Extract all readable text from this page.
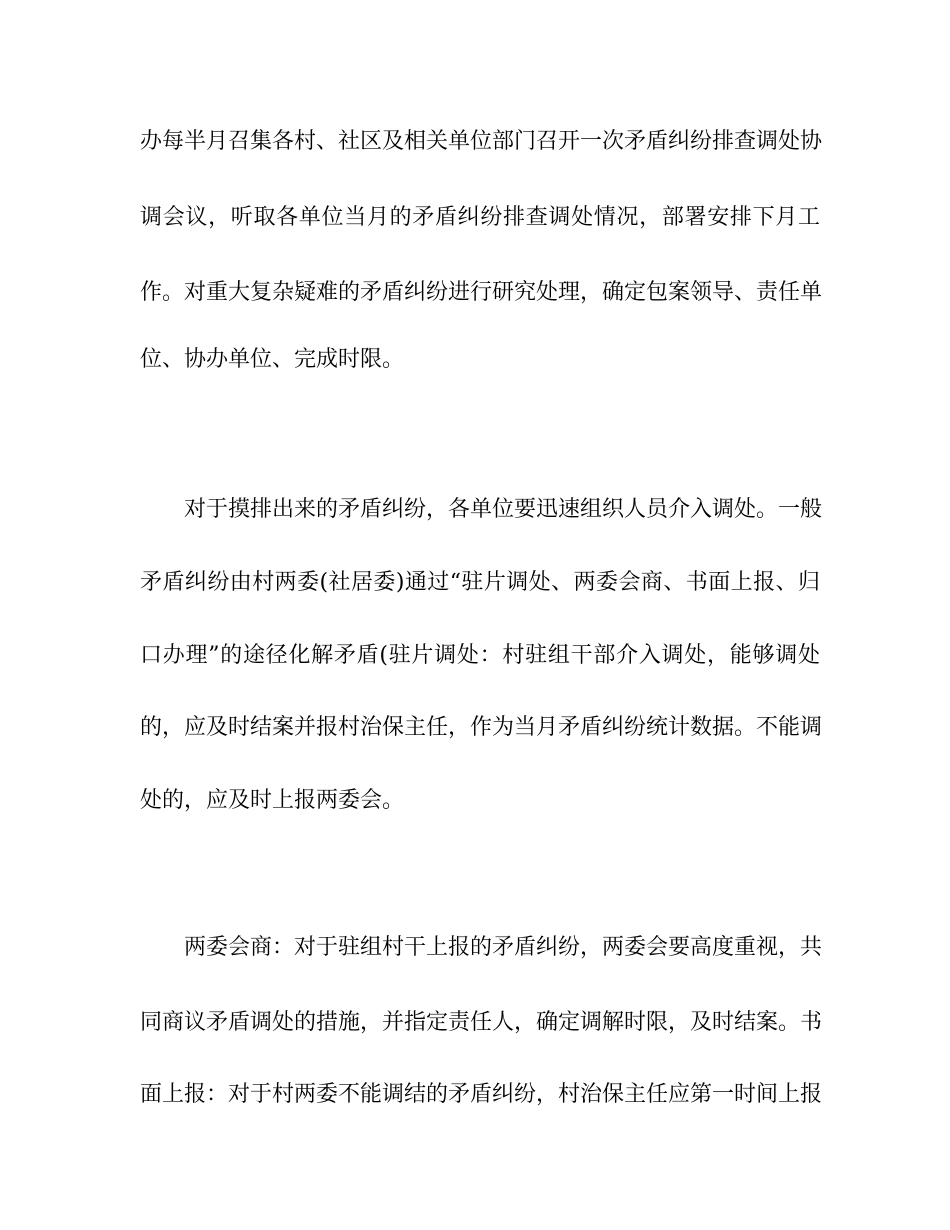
办每半月召集各村、社区及相关单位部门召开一次矛盾纠纷排查调处协
调会议，听取各单位当月的矛盾纠纷排查调处情况，部署安排下月工
作。对重大复杂疑难的矛盾纠纷进行研究处理，确定包案领导、责任单
位、协办单位、完成时限。
对于摸排出来的矛盾纠纷，各单位要迅速组织人员介入调处。一般
矛盾纠纷由村两委(社居委)通过“驻片调处、两委会商、书面上报、归
口办理”的途径化解矛盾(驻片调处：村驻组干部介入调处，能够调处
的，应及时结案并报村治保主任，作为当月矛盾纠纷统计数据。不能调
处的，应及时上报两委会。
两委会商：对于驻组村干上报的矛盾纠纷，两委会要高度重视，共
同商议矛盾调处的措施，并指定责任人，确定调解时限，及时结案。书
面上报：对于村两委不能调结的矛盾纠纷，村治保主任应第一时间上报
